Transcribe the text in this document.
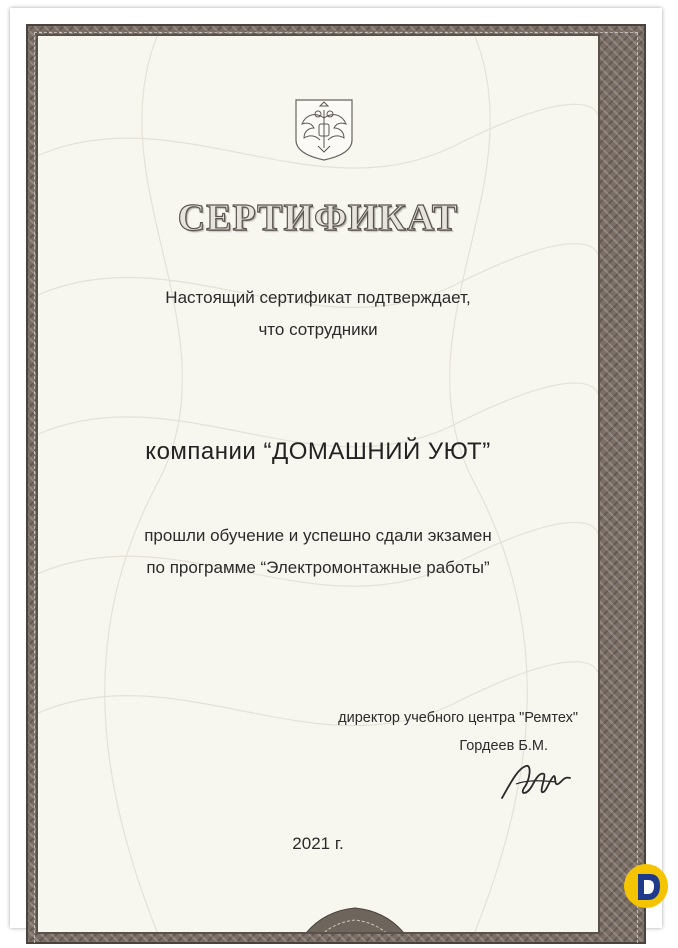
СЕРТИФИКАТ
Настоящий сертификат подтверждает,
что сотрудники
компании “ДОМАШНИЙ УЮТ”
прошли обучение и успешно сдали экзамен
по программе “Электромонтажные работы”
директор учебного центра "Ремтех"
Гордеев Б.М.
2021 г.
